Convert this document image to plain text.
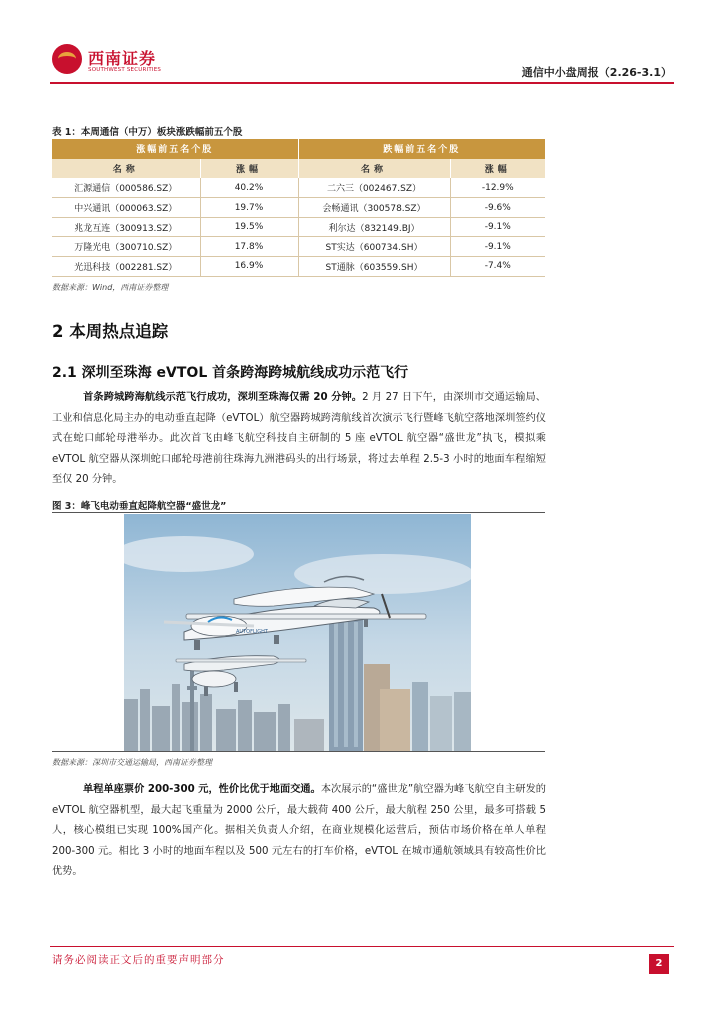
西南证券
SOUTHWEST SECURITIES	通信中小盘周报（2.26-3.1）
表 1：本周通信（中万）板块涨跌幅前五个股
涨幅前五名个股		跌幅前五名个股	
名称	涨幅	名称	涨幅
汇源通信（000586.SZ）	40.2%	二六三（002467.SZ）	-12.9%
中兴通讯（000063.SZ）	19.7%	会畅通讯（300578.SZ）	-9.6%
兆龙互连（300913.SZ）	19.5%	利尔达（832149.BJ）	-9.1%
万隆光电（300710.SZ）	17.8%	ST实达（600734.SH）	-9.1%
光迅科技（002281.SZ）	16.9%	ST通脉（603559.SH）	-7.4%
数据来源：Wind，西南证券整理
2 本周热点追踪
2.1 深圳至珠海 eVTOL 首条跨海跨城航线成功示范飞行
首条跨城跨海航线示范飞行成功，深圳至珠海仅需 20 分钟。2 月 27 日下午，由深圳市交通运输局、工业和信息化局主办的电动垂直起降（eVTOL）航空器跨城跨湾航线首次演示飞行暨峰飞航空落地深圳签约仪式在蛇口邮轮母港举办。此次首飞由峰飞航空科技自主研制的 5 座 eVTOL 航空器“盛世龙”执飞，模拟乘 eVTOL 航空器从深圳蛇口邮轮母港前往珠海九洲港码头的出行场景，将过去单程 2.5-3 小时的地面车程缩短至仅 20 分钟。
图 3：峰飞电动垂直起降航空器“盛世龙”
AUTOFLIGHT
数据来源：深圳市交通运输局，西南证券整理
单程单座票价 200-300 元，性价比优于地面交通。本次展示的“盛世龙”航空器为峰飞航空自主研发的 eVTOL 航空器机型，最大起飞重量为 2000 公斤，最大载荷 400 公斤，最大航程 250 公里，最多可搭载 5 人，核心模组已实现 100%国产化。据相关负责人介绍，在商业规模化运营后，预估市场价格在单人单程 200-300 元。相比 3 小时的地面车程以及 500 元左右的打车价格，eVTOL 在城市通航领域具有较高性价比优势。
请务必阅读正文后的重要声明部分	2
